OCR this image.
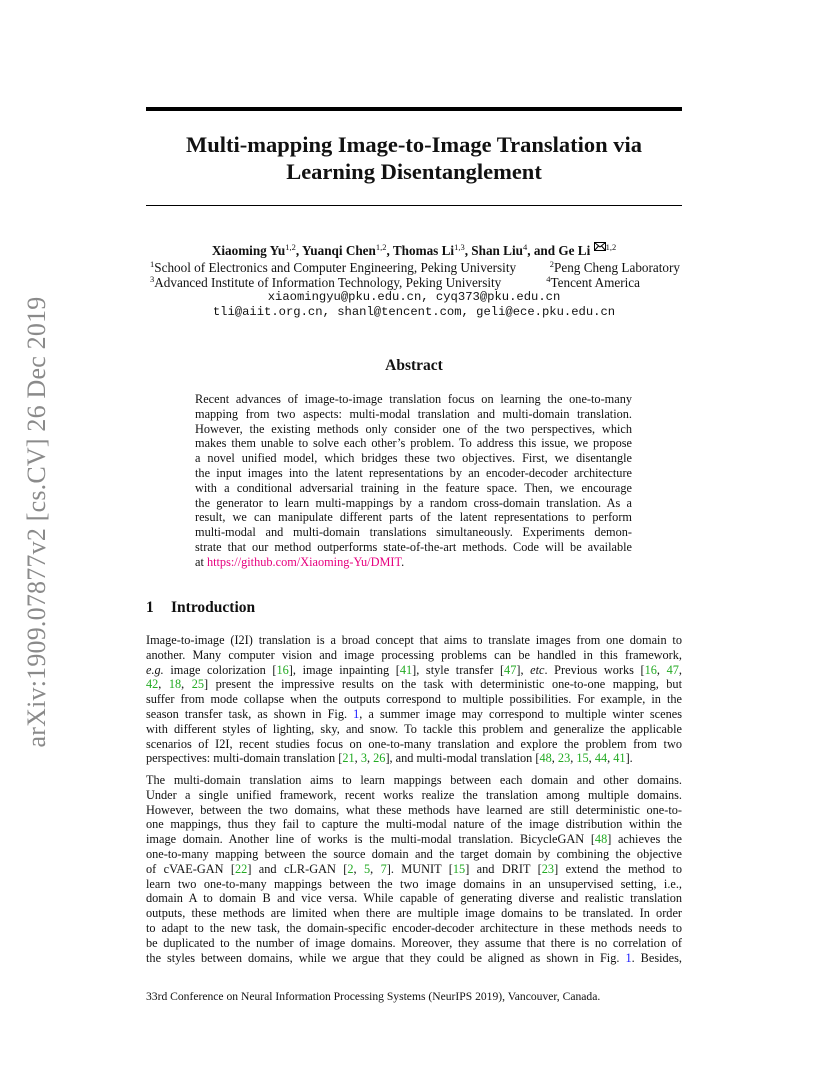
arXiv:1909.07877v2 [cs.CV] 26 Dec 2019
Multi-mapping Image-to-Image Translation via
Learning Disentanglement
Xiaoming Yu$^{1,2}$, Yuanqi Chen$^{1,2}$, Thomas Li$^{1,3}$, Shan Liu$^4$, and Ge Li $^{1,2}$
$^1$School of Electronics and Computer Engineering, Peking University	$^2$Peng Cheng Laboratory
$^3$Advanced Institute of Information Technology, Peking University	$^4$Tencent America
xiaomingyu@pku.edu.cn, cyq373@pku.edu.cn
tli@aiit.org.cn, shanl@tencent.com, geli@ece.pku.edu.cn
Abstract
Recent advances of image-to-image translation focus on learning the one-to-many
mapping from two aspects: multi-modal translation and multi-domain translation.
However, the existing methods only consider one of the two perspectives, which
makes them unable to solve each other’s problem. To address this issue, we propose
a novel unified model, which bridges these two objectives. First, we disentangle
the input images into the latent representations by an encoder-decoder architecture
with a conditional adversarial training in the feature space. Then, we encourage
the generator to learn multi-mappings by a random cross-domain translation. As a
result, we can manipulate different parts of the latent representations to perform
multi-modal and multi-domain translations simultaneously. Experiments demon-
strate that our method outperforms state-of-the-art methods. Code will be available
at https://github.com/Xiaoming-Yu/DMIT.
1 Introduction
Image-to-image (I2I) translation is a broad concept that aims to translate images from one domain to
another. Many computer vision and image processing problems can be handled in this framework,
e.g. image colorization [16], image inpainting [41], style transfer [47], etc. Previous works [16, 47,
42, 18, 25] present the impressive results on the task with deterministic one-to-one mapping, but
suffer from mode collapse when the outputs correspond to multiple possibilities. For example, in the
season transfer task, as shown in Fig. 1, a summer image may correspond to multiple winter scenes
with different styles of lighting, sky, and snow. To tackle this problem and generalize the applicable
scenarios of I2I, recent studies focus on one-to-many translation and explore the problem from two
perspectives: multi-domain translation [21, 3, 26], and multi-modal translation [48, 23, 15, 44, 41].
The multi-domain translation aims to learn mappings between each domain and other domains.
Under a single unified framework, recent works realize the translation among multiple domains.
However, between the two domains, what these methods have learned are still deterministic one-to-
one mappings, thus they fail to capture the multi-modal nature of the image distribution within the
image domain. Another line of works is the multi-modal translation. BicycleGAN [48] achieves the
one-to-many mapping between the source domain and the target domain by combining the objective
of cVAE-GAN [22] and cLR-GAN [2, 5, 7]. MUNIT [15] and DRIT [23] extend the method to
learn two one-to-many mappings between the two image domains in an unsupervised setting, i.e.,
domain A to domain B and vice versa. While capable of generating diverse and realistic translation
outputs, these methods are limited when there are multiple image domains to be translated. In order
to adapt to the new task, the domain-specific encoder-decoder architecture in these methods needs to
be duplicated to the number of image domains. Moreover, they assume that there is no correlation of
the styles between domains, while we argue that they could be aligned as shown in Fig. 1. Besides,
33rd Conference on Neural Information Processing Systems (NeurIPS 2019), Vancouver, Canada.
